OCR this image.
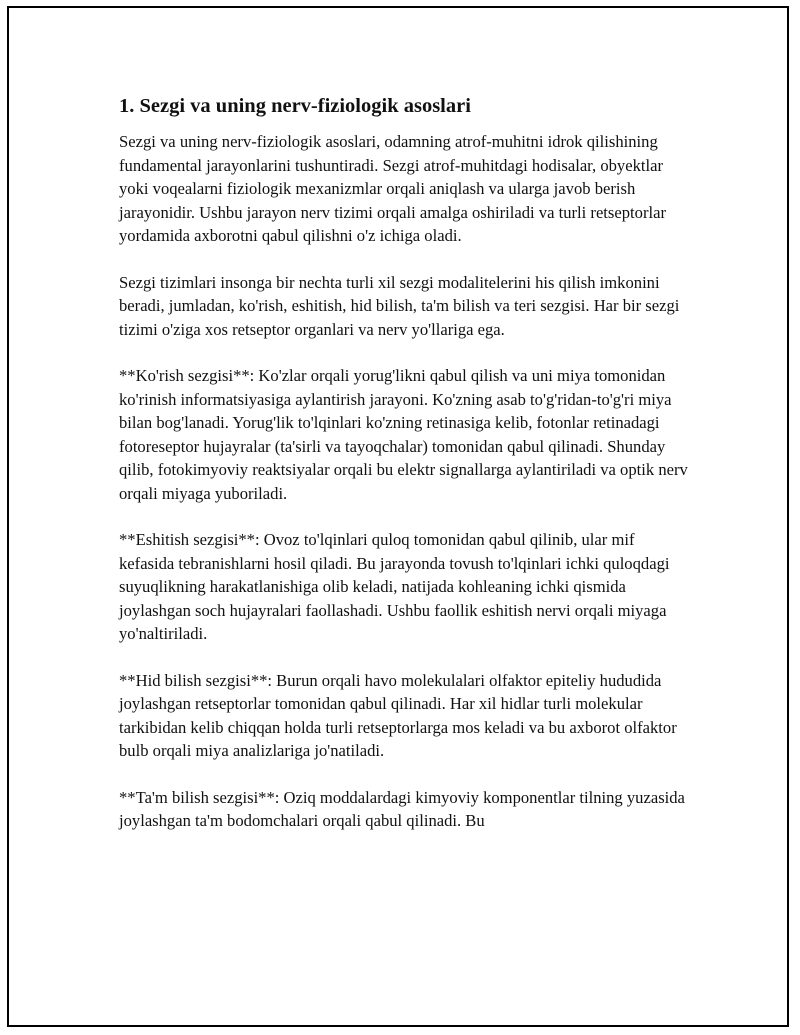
1. Sezgi va uning nerv-fiziologik asoslari

Sezgi va uning nerv-fiziologik asoslari, odamning atrof-muhitni idrok qilishining fundamental jarayonlarini tushuntiradi. Sezgi atrof-muhitdagi hodisalar, obyektlar yoki voqealarni fiziologik mexanizmlar orqali aniqlash va ularga javob berish jarayonidir. Ushbu jarayon nerv tizimi orqali amalga oshiriladi va turli retseptorlar yordamida axborotni qabul qilishni o'z ichiga oladi.

Sezgi tizimlari insonga bir nechta turli xil sezgi modalitelerini his qilish imkonini beradi, jumladan, ko'rish, eshitish, hid bilish, ta'm bilish va teri sezgisi. Har bir sezgi tizimi o'ziga xos retseptor organlari va nerv yo'llariga ega.

**Ko'rish sezgisi**: Ko'zlar orqali yorug'likni qabul qilish va uni miya tomonidan ko'rinish informatsiyasiga aylantirish jarayoni. Ko'zning asab to'g'ridan-to'g'ri miya bilan bog'lanadi. Yorug'lik to'lqinlari ko'zning retinasiga kelib, fotonlar retinadagi fotoreseptor hujayralar (ta'sirli va tayoqchalar) tomonidan qabul qilinadi. Shunday qilib, fotokimyoviy reaktsiyalar orqali bu elektr signallarga aylantiriladi va optik nerv orqali miyaga yuboriladi.

**Eshitish sezgisi**: Ovoz to'lqinlari quloq tomonidan qabul qilinib, ular mif kefasida tebranishlarni hosil qiladi. Bu jarayonda tovush to'lqinlari ichki quloqdagi suyuqlikning harakatlanishiga olib keladi, natijada kohleaning ichki qismida joylashgan soch hujayralari faollashadi. Ushbu faollik eshitish nervi orqali miyaga yo'naltiriladi.

**Hid bilish sezgisi**: Burun orqali havo molekulalari olfaktor epiteliy hududida joylashgan retseptorlar tomonidan qabul qilinadi. Har xil hidlar turli molekular tarkibidan kelib chiqqan holda turli retseptorlarga mos keladi va bu axborot olfaktor bulb orqali miya analizlariga jo'natiladi.

**Ta'm bilish sezgisi**: Oziq moddalardagi kimyoviy komponentlar tilning yuzasida joylashgan ta'm bodomchalari orqali qabul qilinadi. Bu
